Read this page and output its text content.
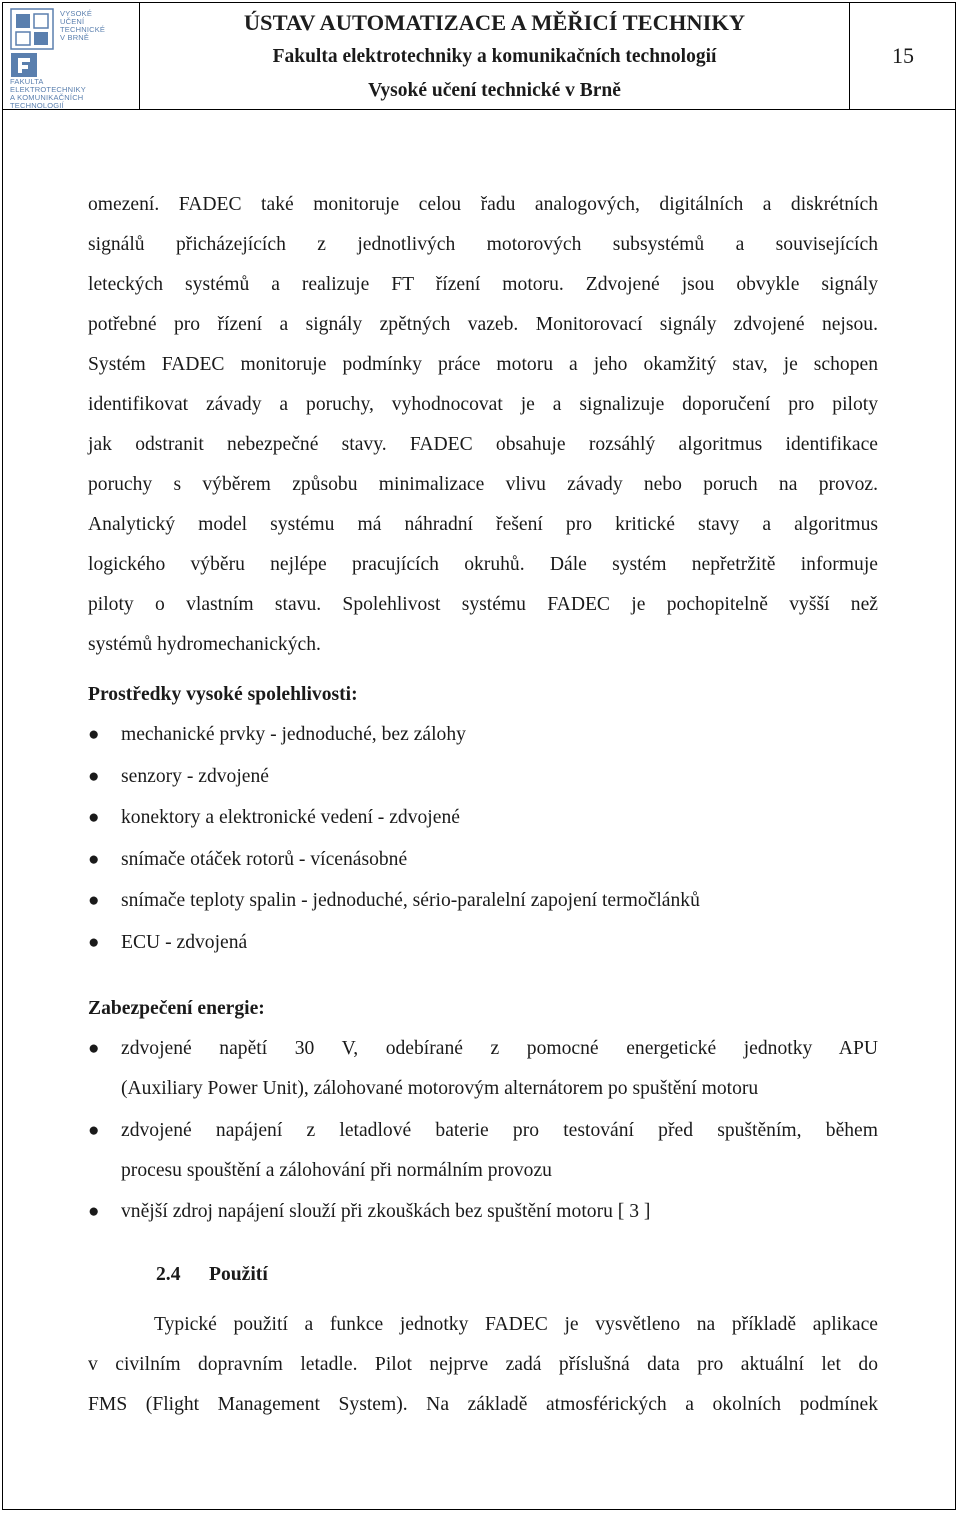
VYSOKÉ
UČENÍ
TECHNICKÉ
V BRNĚ
FAKULTA
ELEKTROTECHNIKY
A KOMUNIKAČNÍCH
TECHNOLOGIÍ
ÚSTAV AUTOMATIZACE A MĚŘICÍ TECHNIKY
Fakulta elektrotechniky a komunikačních technologií
Vysoké učení technické v Brně
15
omezení. FADEC také monitoruje celou řadu analogových, digitálních a diskrétních
signálů přicházejících z jednotlivých motorových subsystémů a souvisejících
leteckých systémů a realizuje FT řízení motoru. Zdvojené jsou obvykle signály
potřebné pro řízení a signály zpětných vazeb. Monitorovací signály zdvojené nejsou.
Systém FADEC monitoruje podmínky práce motoru a jeho okamžitý stav, je schopen
identifikovat závady a poruchy, vyhodnocovat je a signalizuje doporučení pro piloty
jak odstranit nebezpečné stavy. FADEC obsahuje rozsáhlý algoritmus identifikace
poruchy s výběrem způsobu minimalizace vlivu závady nebo poruch na provoz.
Analytický model systému má náhradní řešení pro kritické stavy a algoritmus
logického výběru nejlépe pracujících okruhů. Dále systém nepřetržitě informuje
piloty o vlastním stavu. Spolehlivost systému FADEC je pochopitelně vyšší než
systémů hydromechanických.
Prostředky vysoké spolehlivosti:
● mechanické prvky - jednoduché, bez zálohy
● senzory - zdvojené
● konektory a elektronické vedení - zdvojené
● snímače otáček rotorů - vícenásobné
● snímače teploty spalin - jednoduché, sério-paralelní zapojení termočlánků
● ECU - zdvojená
Zabezpečení energie:
● zdvojené napětí 30 V, odebírané z pomocné energetické jednotky APU
(Auxiliary Power Unit), zálohované motorovým alternátorem po spuštění motoru
● zdvojené napájení z letadlové baterie pro testování před spuštěním, během
procesu spouštění a zálohování při normálním provozu
● vnější zdroj napájení slouží při zkouškách bez spuštění motoru [ 3 ]
2.4 Použití
Typické použití a funkce jednotky FADEC je vysvětleno na příkladě aplikace
v civilním dopravním letadle. Pilot nejprve zadá příslušná data pro aktuální let do
FMS (Flight Management System). Na základě atmosférických a okolních podmínek
